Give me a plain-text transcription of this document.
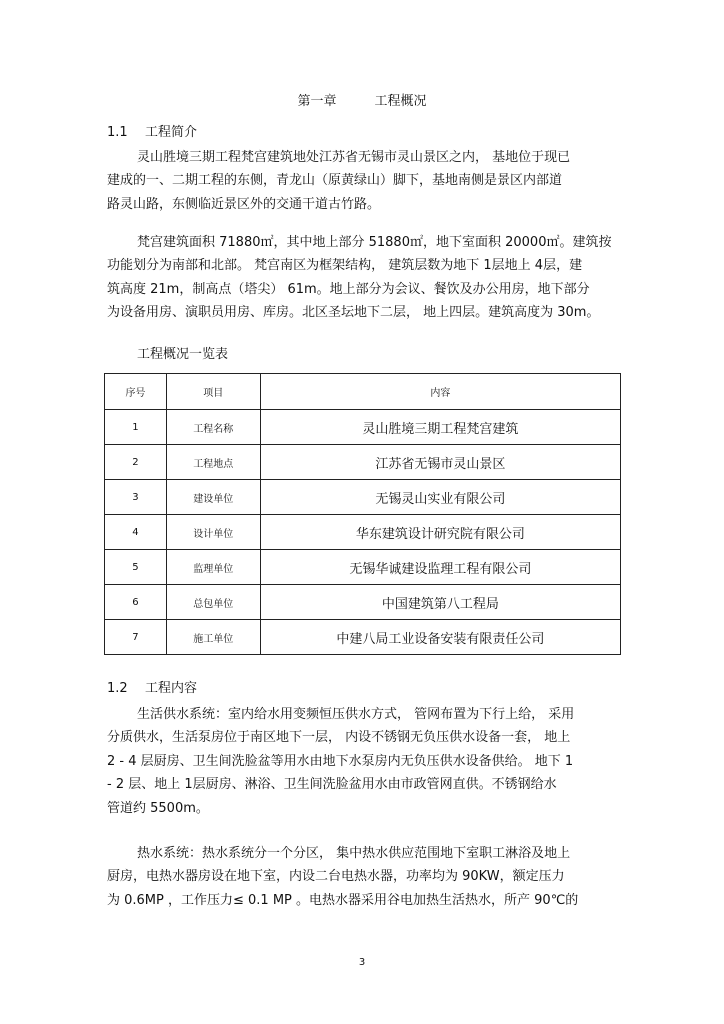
第一章	工程概况
1.1 工程简介
灵山胜境三期工程梵宫建筑地处江苏省无锡市灵山景区之内， 基地位于现已
建成的一、二期工程的东侧，青龙山（原黄绿山）脚下，基地南侧是景区内部道
路灵山路，东侧临近景区外的交通干道古竹路。
梵宫建筑面积 71880㎡，其中地上部分 51880㎡，地下室面积 20000㎡。建筑按
功能划分为南部和北部。 梵宫南区为框架结构， 建筑层数为地下 1层地上 4层，建
筑高度 21m，制高点（塔尖） 61m。地上部分为会议、餐饮及办公用房，地下部分
为设备用房、演职员用房、库房。北区圣坛地下二层， 地上四层。建筑高度为 30m。
工程概况一览表
序号	项目	内容
1	工程名称	灵山胜境三期工程梵宫建筑
2	工程地点	江苏省无锡市灵山景区
3	建设单位	无锡灵山实业有限公司
4	设计单位	华东建筑设计研究院有限公司
5	监理单位	无锡华诚建设监理工程有限公司
6	总包单位	中国建筑第八工程局
7	施工单位	中建八局工业设备安装有限责任公司
1.2 工程内容
生活供水系统：室内给水用变频恒压供水方式， 管网布置为下行上给， 采用
分质供水，生活泵房位于南区地下一层， 内设不锈钢无负压供水设备一套， 地上
2 - 4 层厨房、卫生间洗脸盆等用水由地下水泵房内无负压供水设备供给。 地下 1
- 2 层、地上 1层厨房、淋浴、卫生间洗脸盆用水由市政管网直供。不锈钢给水
管道约 5500m。
热水系统：热水系统分一个分区， 集中热水供应范围地下室职工淋浴及地上
厨房，电热水器房设在地下室，内设二台电热水器，功率均为 90KW，额定压力
为 0.6MP ，工作压力≤ 0.1 MP 。电热水器采用谷电加热生活热水，所产 90℃的
3
